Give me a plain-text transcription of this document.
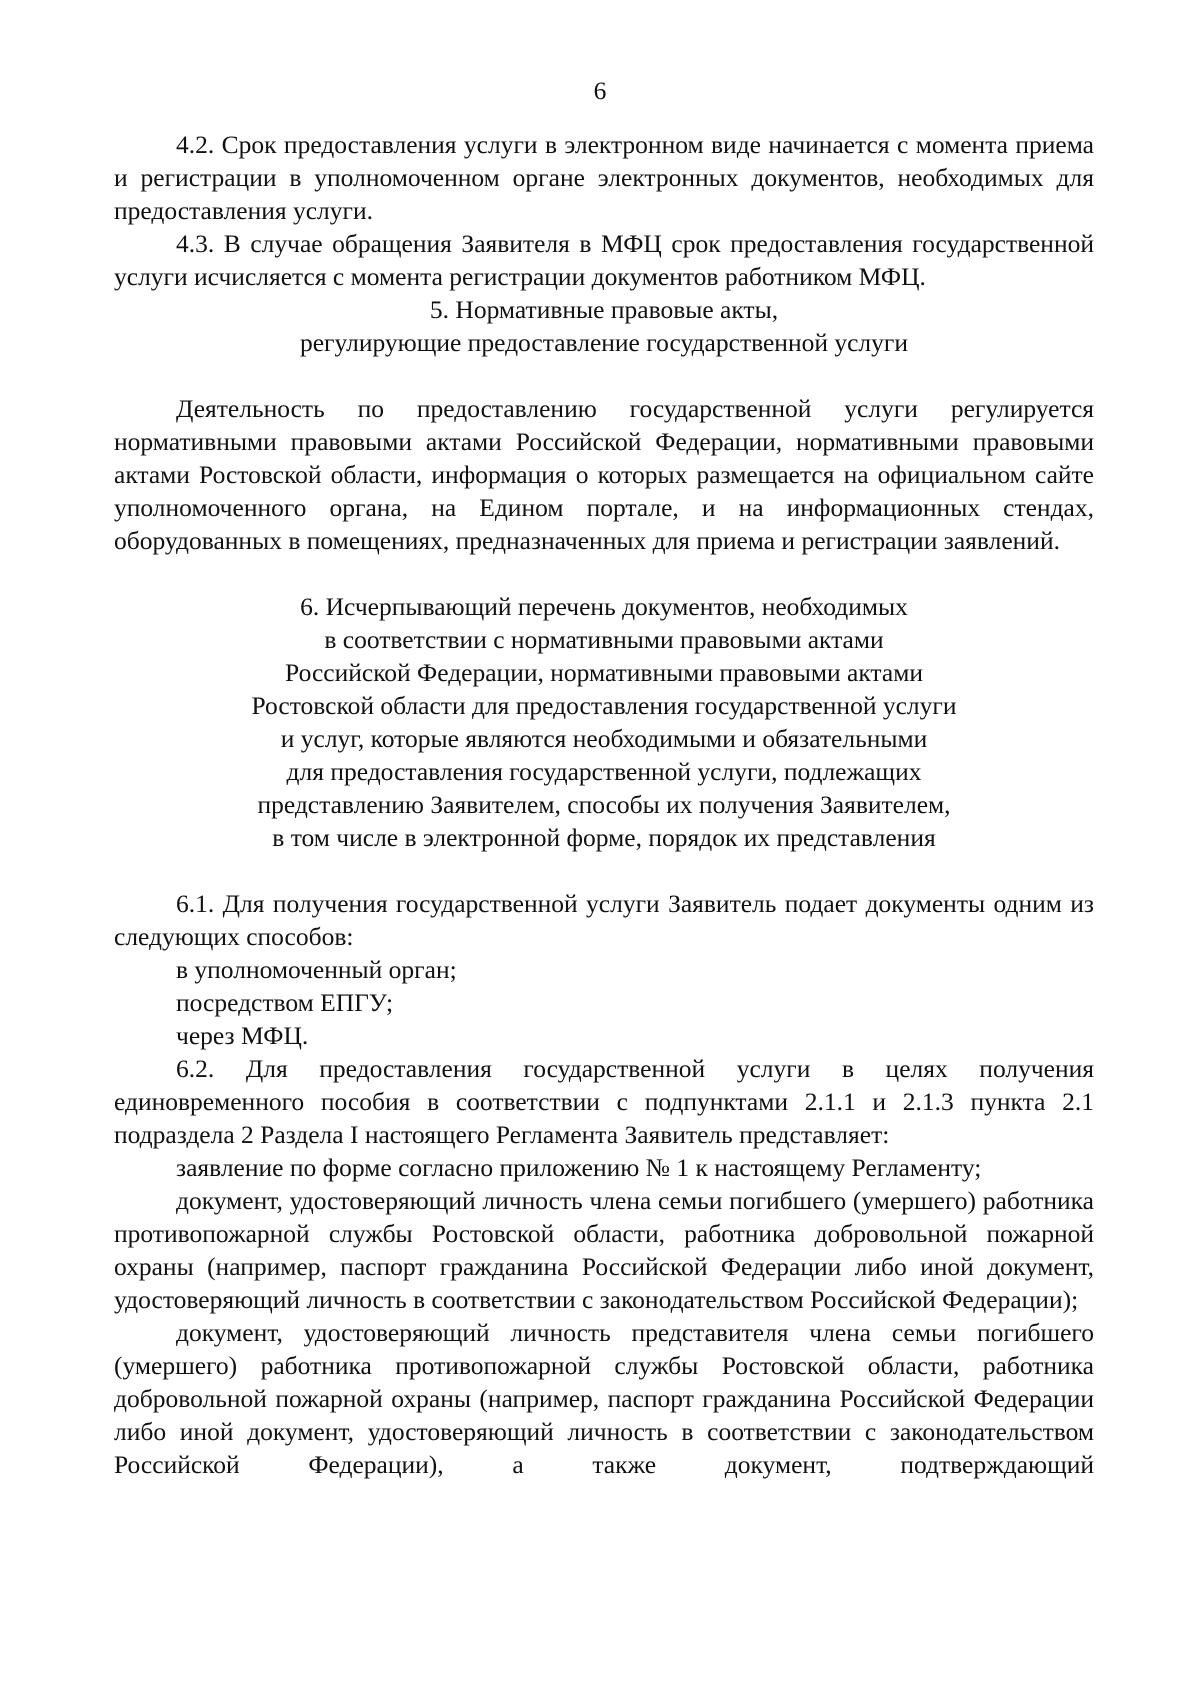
6

4.2. Срок предоставления услуги в электронном виде начинается с момента приема и регистрации в уполномоченном органе электронных документов, необходимых для предоставления услуги.

4.3. В случае обращения Заявителя в МФЦ срок предоставления государственной услуги исчисляется с момента регистрации документов работником МФЦ.

5. Нормативные правовые акты,
регулирующие предоставление государственной услуги

Деятельность по предоставлению государственной услуги регулируется нормативными правовыми актами Российской Федерации, нормативными правовыми актами Ростовской области, информация о которых размещается на официальном сайте уполномоченного органа, на Едином портале, и на информационных стендах, оборудованных в помещениях, предназначенных для приема и регистрации заявлений.

6. Исчерпывающий перечень документов, необходимых
в соответствии с нормативными правовыми актами
Российской Федерации, нормативными правовыми актами
Ростовской области для предоставления государственной услуги
и услуг, которые являются необходимыми и обязательными
для предоставления государственной услуги, подлежащих
представлению Заявителем, способы их получения Заявителем,
в том числе в электронной форме, порядок их представления

6.1. Для получения государственной услуги Заявитель подает документы одним из следующих способов:

в уполномоченный орган;

посредством ЕПГУ;

через МФЦ.

6.2. Для предоставления государственной услуги в целях получения единовременного пособия в соответствии с подпунктами 2.1.1 и 2.1.3 пункта 2.1 подраздела 2 Раздела I настоящего Регламента Заявитель представляет:

заявление по форме согласно приложению № 1 к настоящему Регламенту;

документ, удостоверяющий личность члена семьи погибшего (умершего) работника противопожарной службы Ростовской области, работника добровольной пожарной охраны (например, паспорт гражданина Российской Федерации либо иной документ, удостоверяющий личность в соответствии с законодательством Российской Федерации);

документ, удостоверяющий личность представителя члена семьи погибшего (умершего) работника противопожарной службы Ростовской области, работника добровольной пожарной охраны (например, паспорт гражданина Российской Федерации либо иной документ, удостоверяющий личность в соответствии с законодательством Российской Федерации), а также документ, подтверждающий
